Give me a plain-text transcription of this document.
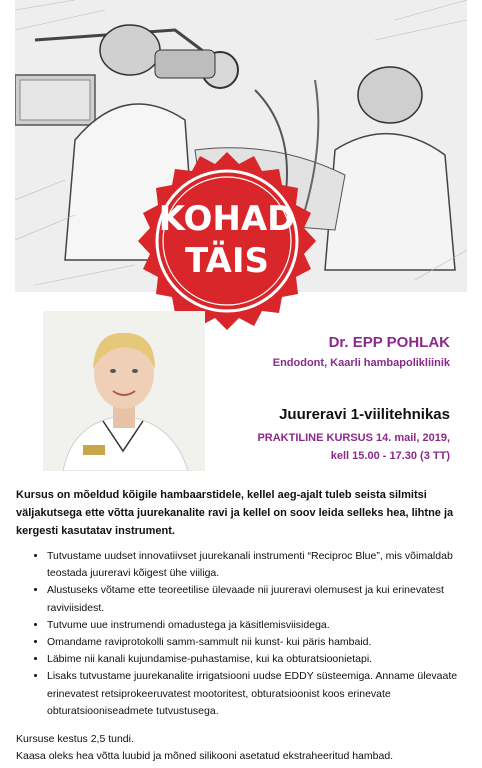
KOHAD
TÄIS
Dr. EPP POHLAK
Endodont, Kaarli hambapolikliinik
Juureravi 1-viilitehnikas
PRAKTILINE KURSUS 14. mail, 2019,
kell 15.00 - 17.30 (3 TT)
Kursus on mõeldud kõigile hambaarstidele, kellel aeg-ajalt tuleb seista silmitsi väljakutsega ette võtta juurekanalite ravi ja kellel on soov leida selleks hea, lihtne ja kergesti kasutatav instrument.
• Tutvustame uudset innovatiivset juurekanali instrumenti “Reciproc Blue”, mis võimaldab teostada juureravi kõigest ühe viiliga.
• Alustuseks võtame ette teoreetilise ülevaade nii juureravi olemusest ja kui erinevatest raviviisidest.
• Tutvume uue instrumendi omadustega ja käsitlemisviisidega.
• Omandame raviprotokolli samm-sammult nii kunst- kui päris hambaid.
• Läbime nii kanali kujundamise-puhastamise, kui ka obturatsioonietapi.
• Lisaks tutvustame juurekanalite irrigatsiooni uudse EDDY süsteemiga. Anname ülevaate erinevatest retsiprokeeruvatest mootoritest, obturatsioonist koos erinevate obturatsiooniseadmete tutvustusega.
Kursuse kestus 2,5 tundi.
Kaasa oleks hea võtta luubid ja mõned silikooni asetatud ekstraheeritud hambad.
